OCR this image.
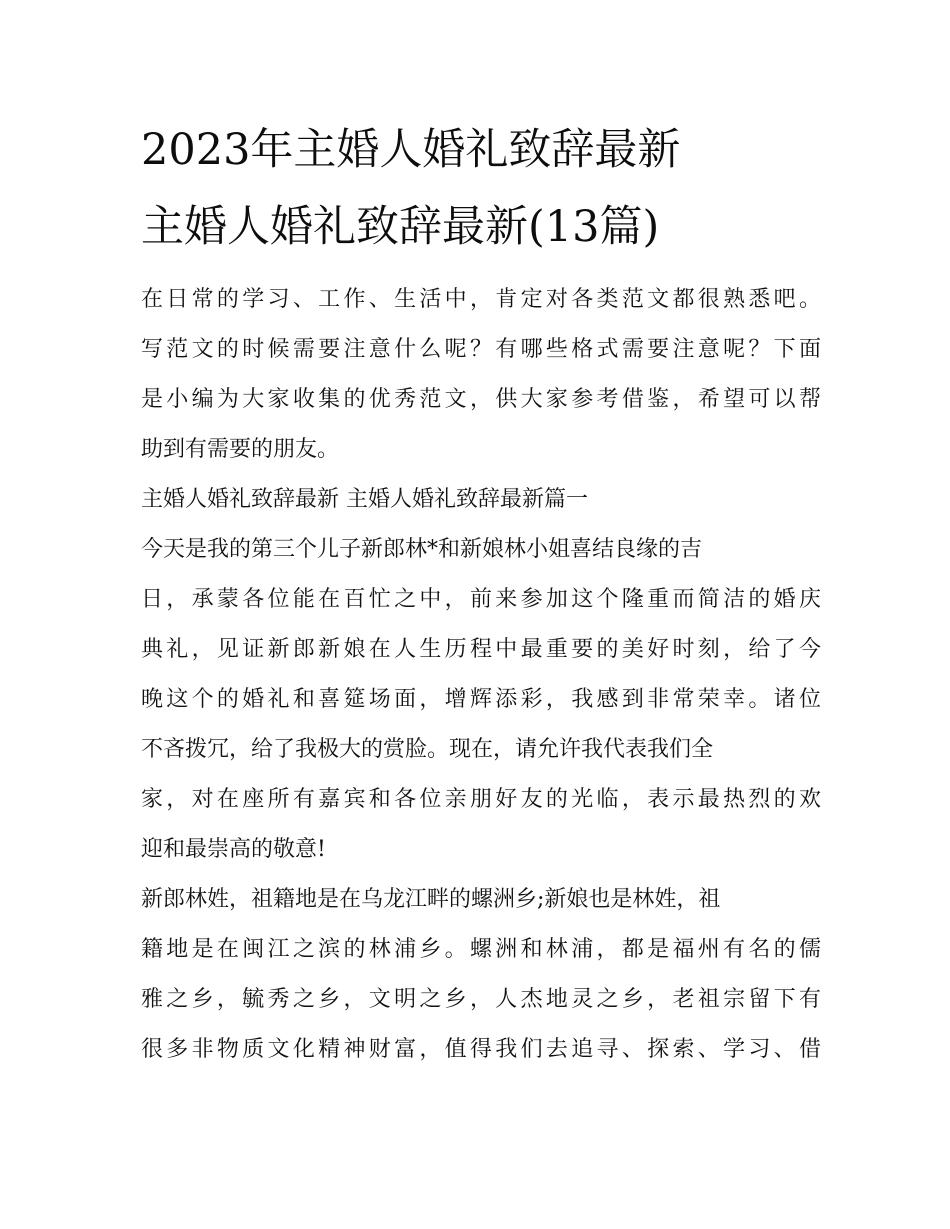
2023年主婚人婚礼致辞最新
主婚人婚礼致辞最新(13篇)

在日常的学习、工作、生活中，肯定对各类范文都很熟悉吧。
写范文的时候需要注意什么呢？有哪些格式需要注意呢？下面
是小编为大家收集的优秀范文，供大家参考借鉴，希望可以帮
助到有需要的朋友。

主婚人婚礼致辞最新 主婚人婚礼致辞最新篇一

今天是我的第三个儿子新郎林*和新娘林小姐喜结良缘的吉
日，承蒙各位能在百忙之中，前来参加这个隆重而简洁的婚庆
典礼，见证新郎新娘在人生历程中最重要的美好时刻，给了今
晚这个的婚礼和喜筵场面，增辉添彩，我感到非常荣幸。诸位
不吝拨冗，给了我极大的赏脸。现在，请允许我代表我们全
家，对在座所有嘉宾和各位亲朋好友的光临，表示最热烈的欢
迎和最崇高的敬意!

新郎林姓，祖籍地是在乌龙江畔的螺洲乡;新娘也是林姓，祖
籍地是在闽江之滨的林浦乡。螺洲和林浦，都是福州有名的儒
雅之乡，毓秀之乡，文明之乡，人杰地灵之乡，老祖宗留下有
很多非物质文化精神财富，值得我们去追寻、探索、学习、借
